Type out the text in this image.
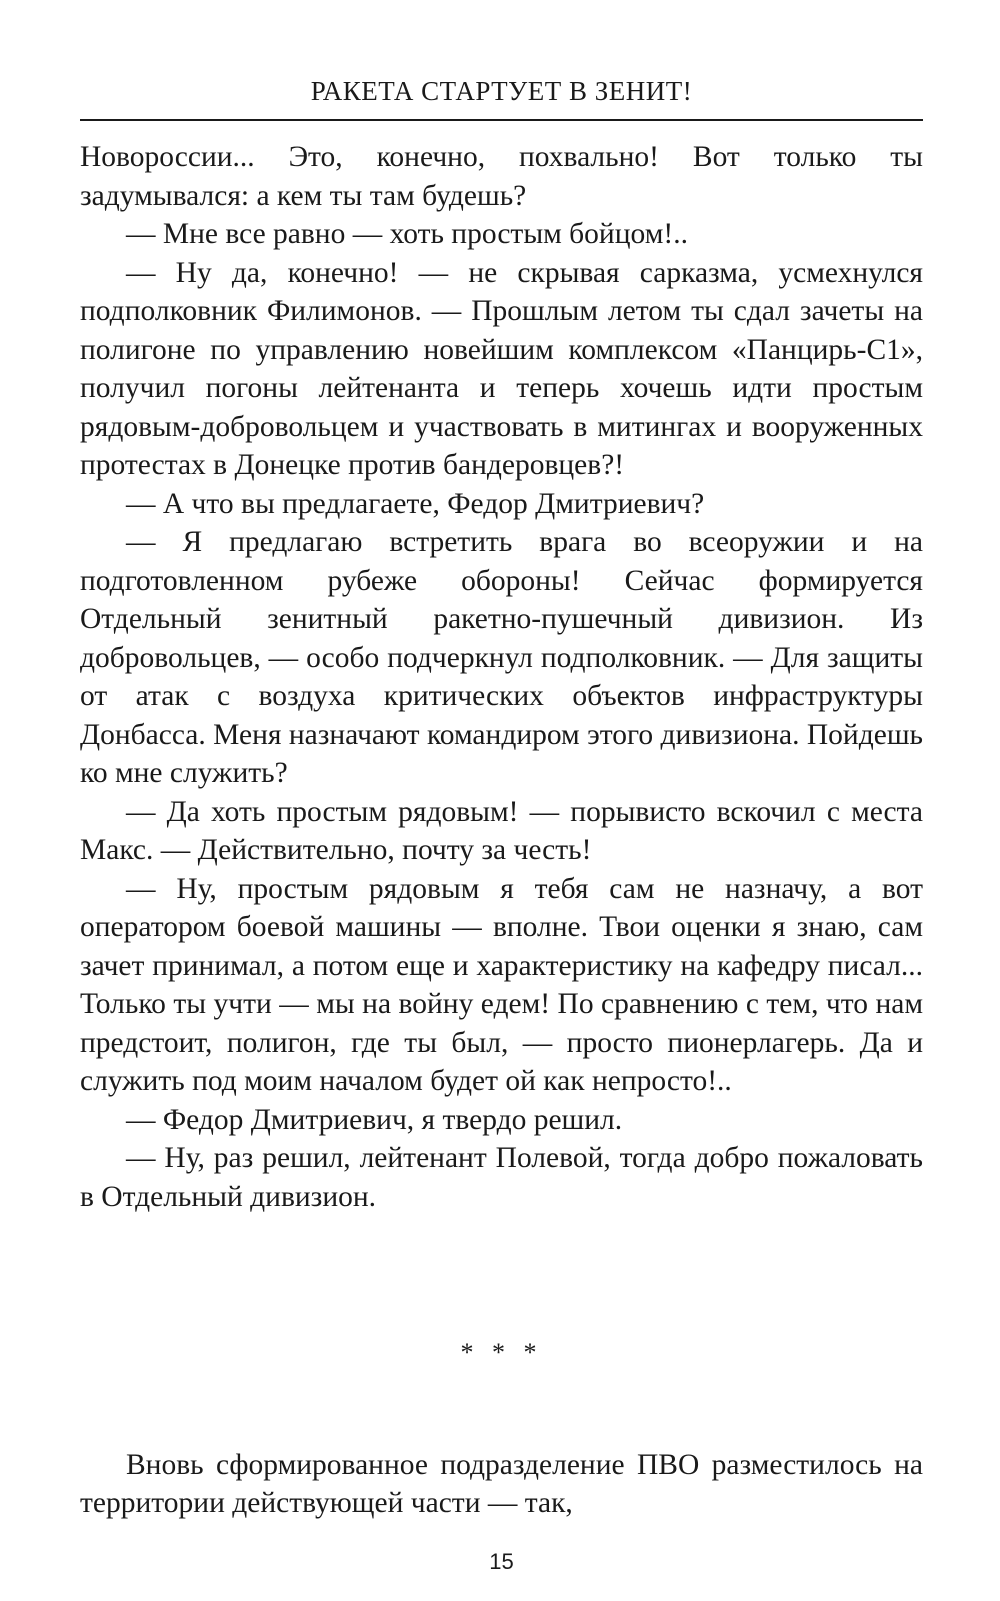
РАКЕТА СТАРТУЕТ В ЗЕНИТ!

Новороссии... Это, конечно, похвально! Вот только ты задумывался: а кем ты там будешь?

— Мне все равно — хоть простым бойцом!..

— Ну да, конечно! — не скрывая сарказма, усмехнулся подполковник Филимонов. — Прошлым летом ты сдал зачеты на полигоне по управлению новейшим комплексом «Панцирь-С1», получил погоны лейтенанта и теперь хочешь идти простым рядовым-добровольцем и участвовать в митингах и вооруженных протестах в Донецке против бандеровцев?!

— А что вы предлагаете, Федор Дмитриевич?

— Я предлагаю встретить врага во всеоружии и на подготовленном рубеже обороны! Сейчас формируется Отдельный зенитный ракетно-пушечный дивизион. Из добровольцев, — особо подчеркнул подполковник. — Для защиты от атак с воздуха критических объектов инфраструктуры Донбасса. Меня назначают командиром этого дивизиона. Пойдешь ко мне служить?

— Да хоть простым рядовым! — порывисто вскочил с места Макс. — Действительно, почту за честь!

— Ну, простым рядовым я тебя сам не назначу, а вот оператором боевой машины — вполне. Твои оценки я знаю, сам зачет принимал, а потом еще и характеристику на кафедру писал... Только ты учти — мы на войну едем! По сравнению с тем, что нам предстоит, полигон, где ты был, — просто пионерлагерь. Да и служить под моим началом будет ой как непросто!..

— Федор Дмитриевич, я твердо решил.

— Ну, раз решил, лейтенант Полевой, тогда добро пожаловать в Отдельный дивизион.

* * *

Вновь сформированное подразделение ПВО разместилось на территории действующей части — так,

15
